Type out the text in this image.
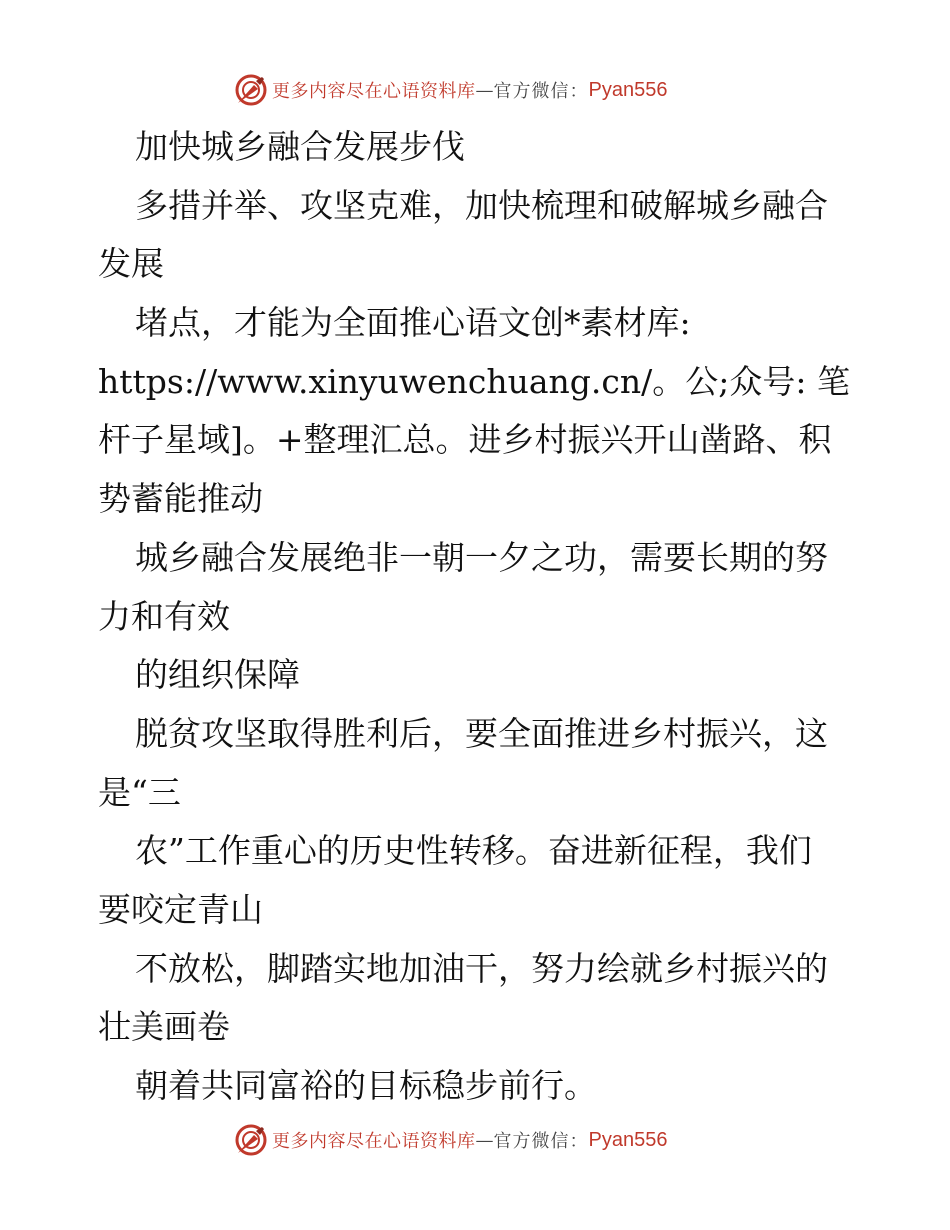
更多内容尽在心语资料库 — 官方微信： Pyan556
加快城乡融合发展步伐
多措并举、攻坚克难，加快梳理和破解城乡融合
发展
堵点，才能为全面推心语文创*素材库:
https://www.xinyuwenchuang.cn/。公;众号: 笔
杆子星域]。+整理汇总。进乡村振兴开山凿路、积
势蓄能推动
城乡融合发展绝非一朝一夕之功，需要长期的努
力和有效
的组织保障
脱贫攻坚取得胜利后，要全面推进乡村振兴，这
是“三
农”工作重心的历史性转移。奋进新征程，我们
要咬定青山
不放松，脚踏实地加油干，努力绘就乡村振兴的
壮美画卷
朝着共同富裕的目标稳步前行。
更多内容尽在心语资料库 — 官方微信： Pyan556
